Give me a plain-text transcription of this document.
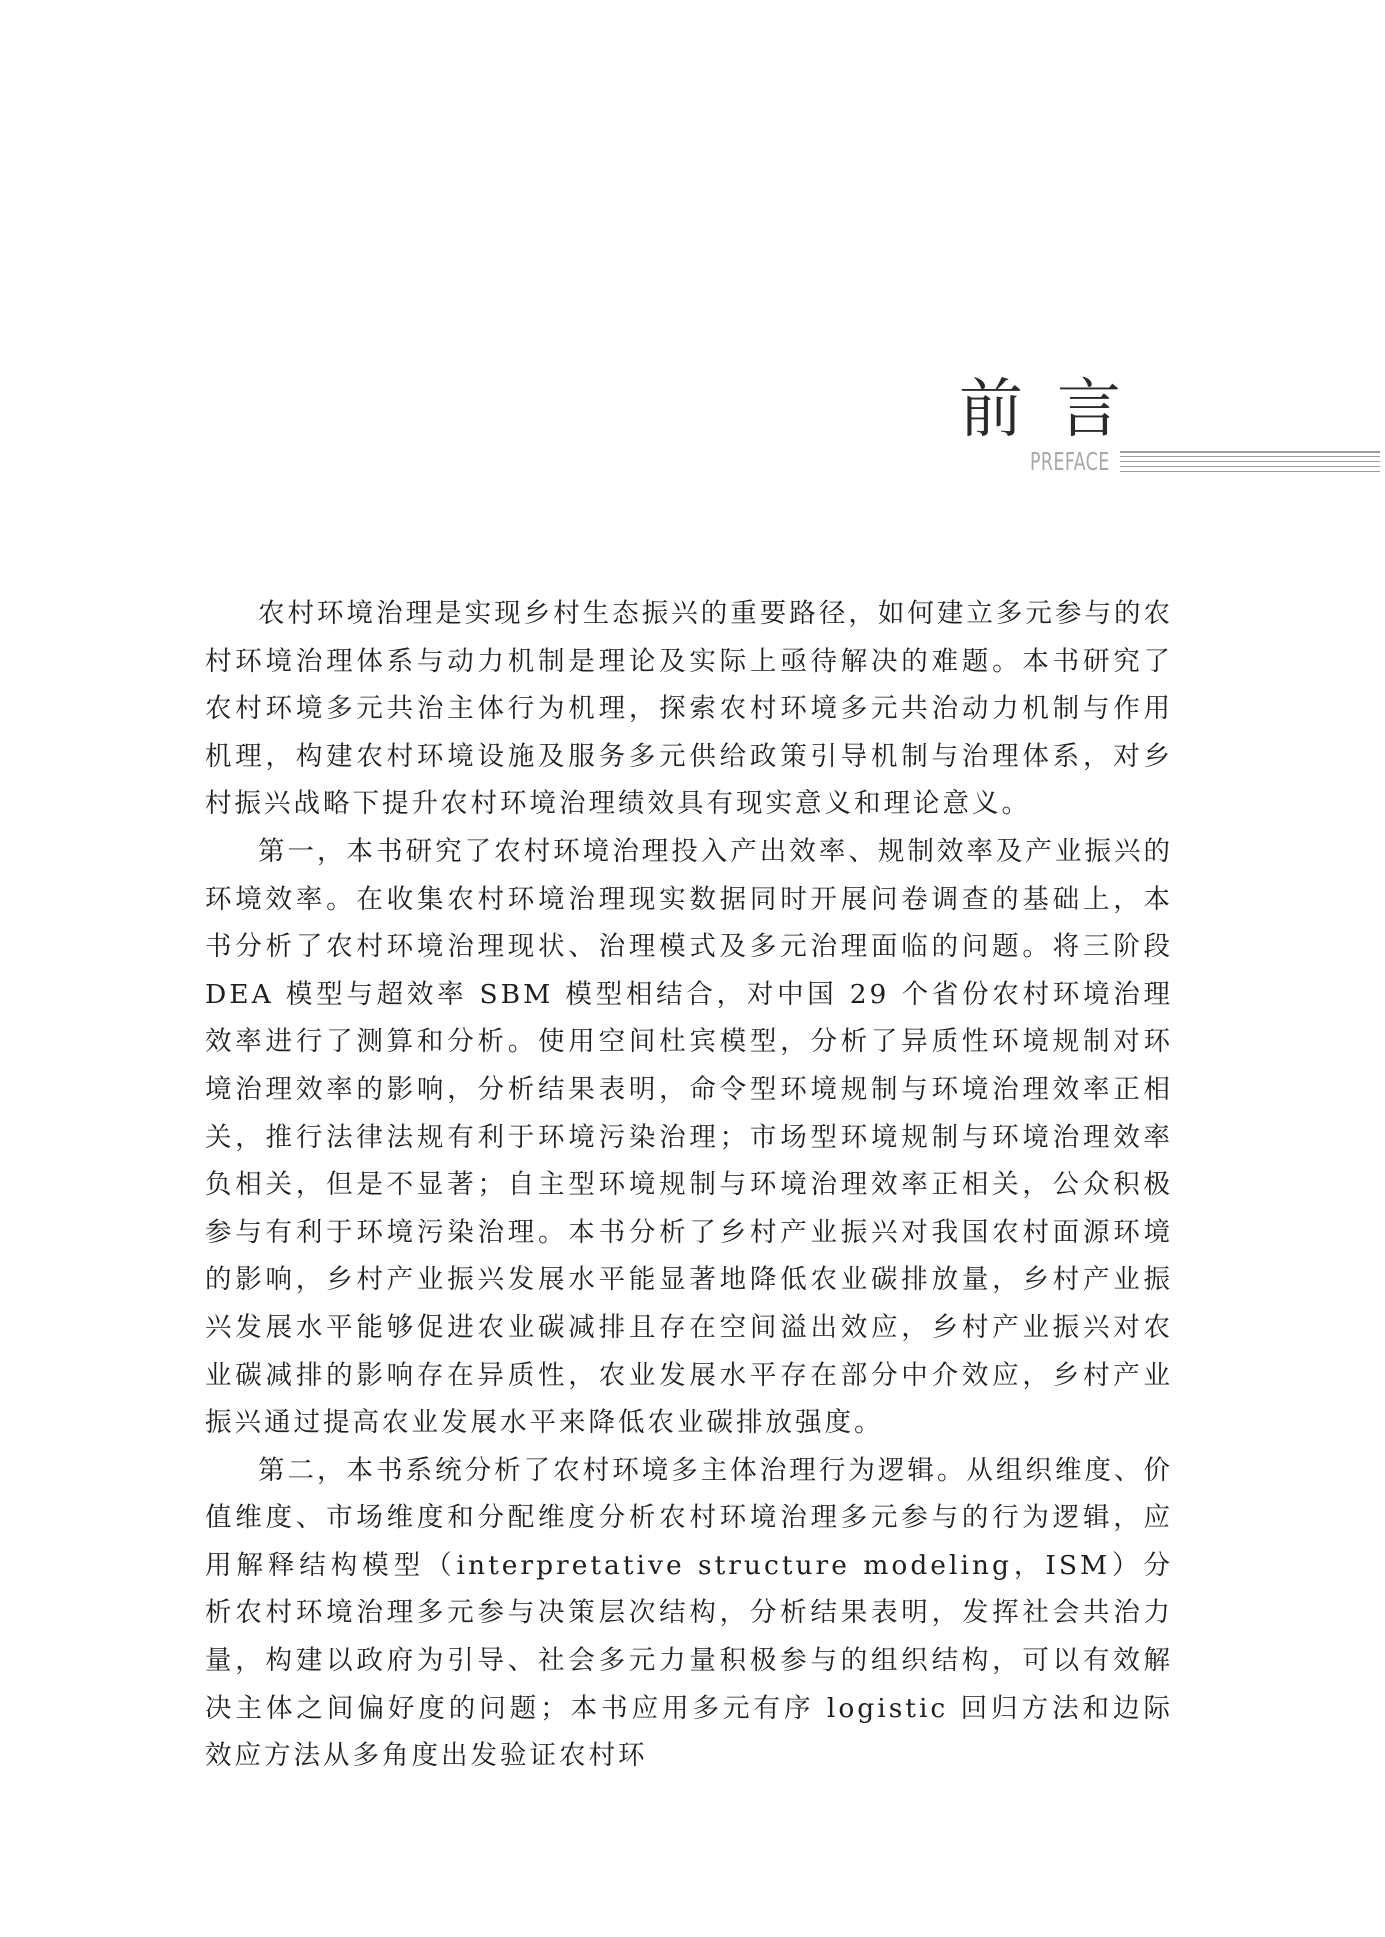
前言
PREFACE

农村环境治理是实现乡村生态振兴的重要路径，如何建立多元参与的农村环境治理体系与动力机制是理论及实际上亟待解决的难题。本书研究了农村环境多元共治主体行为机理，探索农村环境多元共治动力机制与作用机理，构建农村环境设施及服务多元供给政策引导机制与治理体系，对乡村振兴战略下提升农村环境治理绩效具有现实意义和理论意义。

第一，本书研究了农村环境治理投入产出效率、规制效率及产业振兴的环境效率。在收集农村环境治理现实数据同时开展问卷调查的基础上，本书分析了农村环境治理现状、治理模式及多元治理面临的问题。将三阶段 DEA 模型与超效率 SBM 模型相结合，对中国 29 个省份农村环境治理效率进行了测算和分析。使用空间杜宾模型，分析了异质性环境规制对环境治理效率的影响，分析结果表明，命令型环境规制与环境治理效率正相关，推行法律法规有利于环境污染治理；市场型环境规制与环境治理效率负相关，但是不显著；自主型环境规制与环境治理效率正相关，公众积极参与有利于环境污染治理。本书分析了乡村产业振兴对我国农村面源环境的影响，乡村产业振兴发展水平能显著地降低农业碳排放量，乡村产业振兴发展水平能够促进农业碳减排且存在空间溢出效应，乡村产业振兴对农业碳减排的影响存在异质性，农业发展水平存在部分中介效应，乡村产业振兴通过提高农业发展水平来降低农业碳排放强度。

第二，本书系统分析了农村环境多主体治理行为逻辑。从组织维度、价值维度、市场维度和分配维度分析农村环境治理多元参与的行为逻辑，应用解释结构模型（interpretative structure modeling，ISM）分析农村环境治理多元参与决策层次结构，分析结果表明，发挥社会共治力量，构建以政府为引导、社会多元力量积极参与的组织结构，可以有效解决主体之间偏好度的问题；本书应用多元有序 logistic 回归方法和边际效应方法从多角度出发验证农村环
